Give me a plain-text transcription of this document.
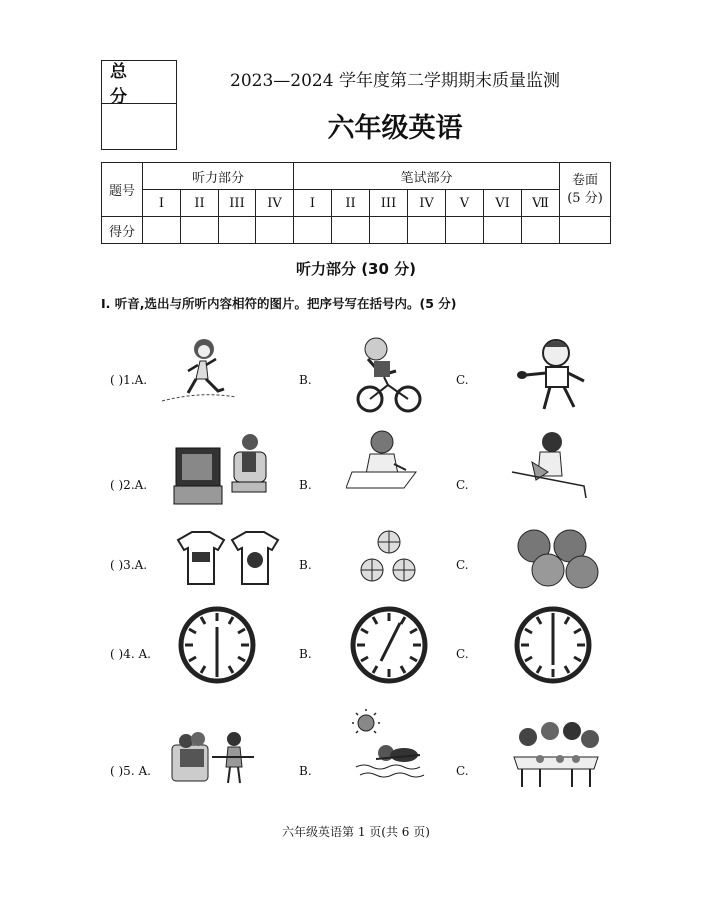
总 分
2023—2024 学年度第二学期期末质量监测
六年级英语
题号	听力部分				笔试部分							卷面
(5 分)

	I	II	III	IV	I	II	III	IV	V	VI	Ⅶ	
得分												
听力部分 (30 分)
I. 听音,选出与所听内容相符的图片。把序号写在括号内。(5 分)
( )1.A.	B.	C.
( )2.A.	B.	C.
( )3.A.	B.	C.
( )4. A.	B.	C.
( )5. A.	B.	C.
六年级英语第 1 页(共 6 页)
